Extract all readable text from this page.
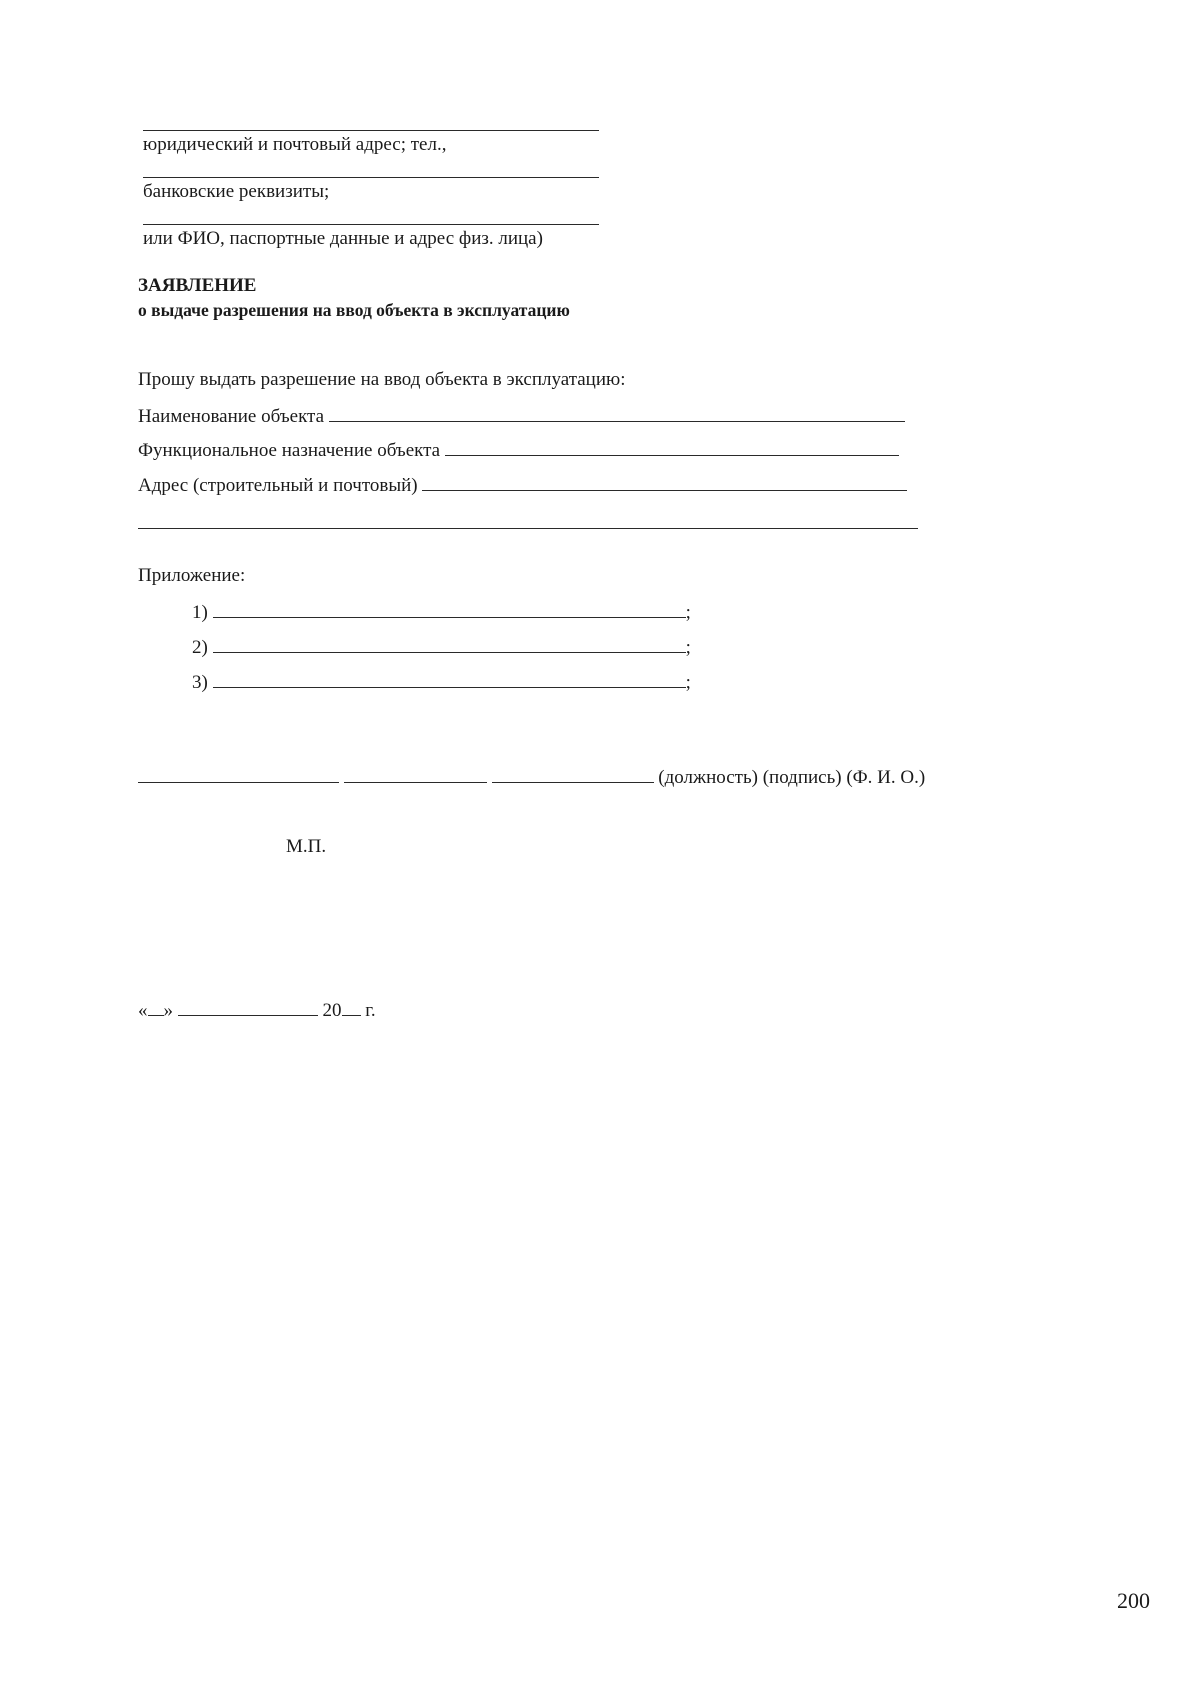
юридический и почтовый адрес; тел.,
банковские реквизиты;
или ФИО, паспортные данные и адрес физ. лица)
ЗАЯВЛЕНИЕ
о выдаче разрешения на ввод объекта в эксплуатацию
Прошу выдать разрешение на ввод объекта в эксплуатацию:
Наименование объекта
Функциональное назначение объекта
Адрес (строительный и почтовый)
Приложение:
1)	;
2)	;
3)	;
(должность) (подпись) (Ф. И. О.)
М.П.
« »	20 г.
200
